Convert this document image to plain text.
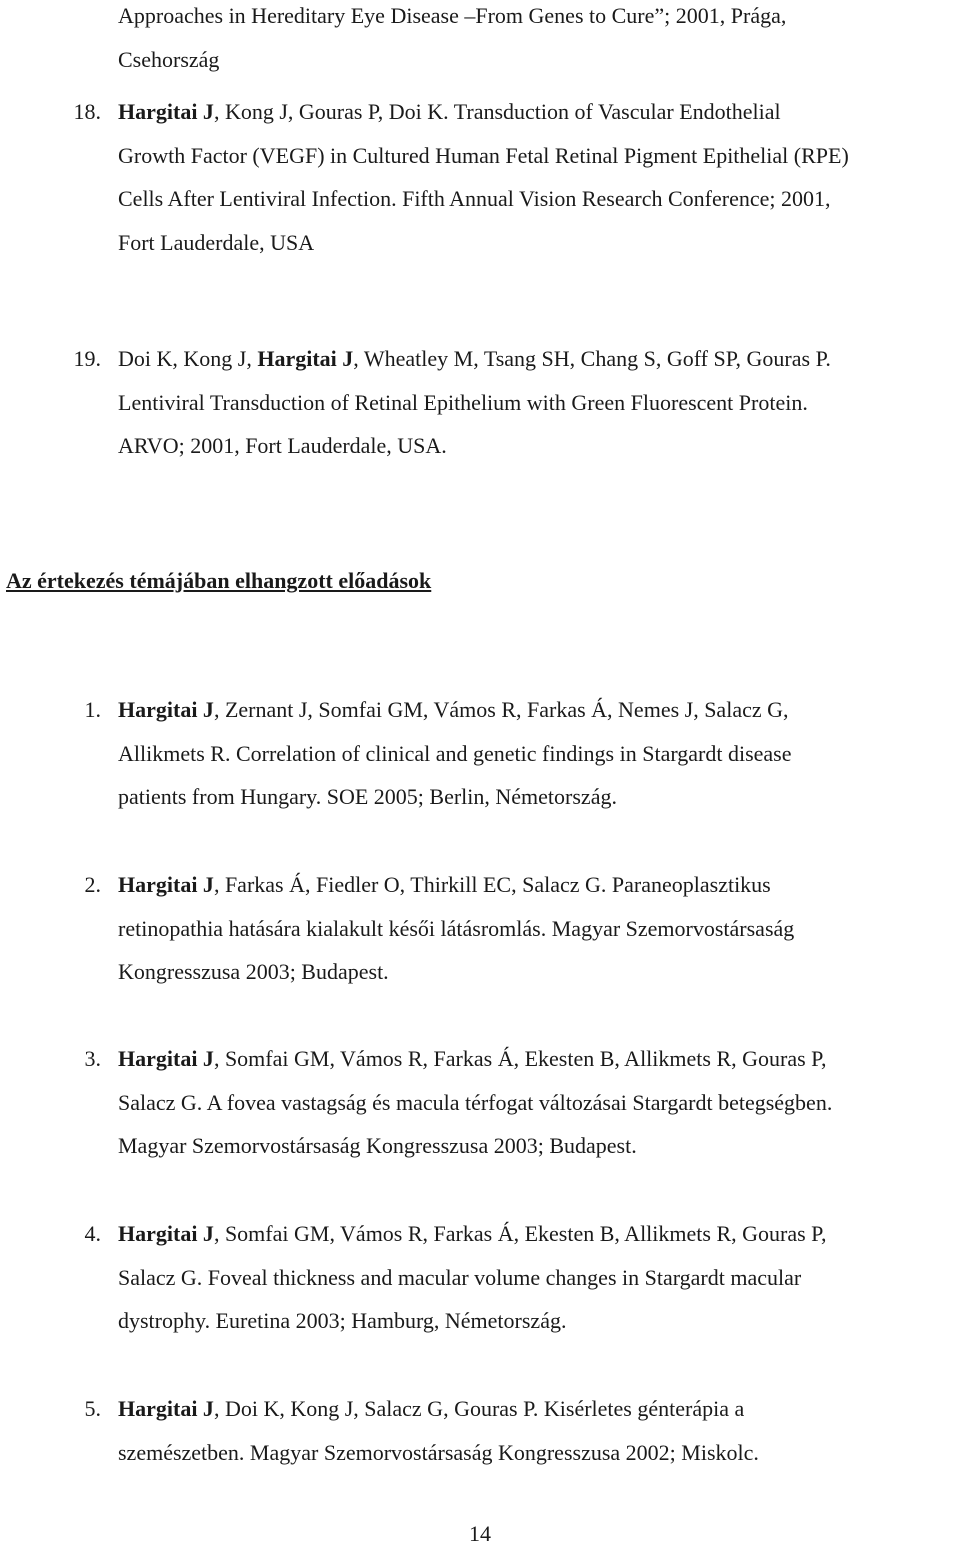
Approaches in Hereditary Eye Disease –From Genes to Cure”; 2001, Prága,
Csehország
18. Hargitai J, Kong J, Gouras P, Doi K. Transduction of Vascular Endothelial
Growth Factor (VEGF) in Cultured Human Fetal Retinal Pigment Epithelial (RPE)
Cells After Lentiviral Infection. Fifth Annual Vision Research Conference; 2001,
Fort Lauderdale, USA
19. Doi K, Kong J, Hargitai J, Wheatley M, Tsang SH, Chang S, Goff SP, Gouras P.
Lentiviral Transduction of Retinal Epithelium with Green Fluorescent Protein.
ARVO; 2001, Fort Lauderdale, USA.
Az értekezés témájában elhangzott előadások
1. Hargitai J, Zernant J, Somfai GM, Vámos R, Farkas Á, Nemes J, Salacz G,
Allikmets R. Correlation of clinical and genetic findings in Stargardt disease
patients from Hungary. SOE 2005; Berlin, Németország.
2. Hargitai J, Farkas Á, Fiedler O, Thirkill EC, Salacz G. Paraneoplasztikus
retinopathia hatására kialakult késői látásromlás. Magyar Szemorvostársaság
Kongresszusa 2003; Budapest.
3. Hargitai J, Somfai GM, Vámos R, Farkas Á, Ekesten B, Allikmets R, Gouras P,
Salacz G. A fovea vastagság és macula térfogat változásai Stargardt betegségben.
Magyar Szemorvostársaság Kongresszusa 2003; Budapest.
4. Hargitai J, Somfai GM, Vámos R, Farkas Á, Ekesten B, Allikmets R, Gouras P,
Salacz G. Foveal thickness and macular volume changes in Stargardt macular
dystrophy. Euretina 2003; Hamburg, Németország.
5. Hargitai J, Doi K, Kong J, Salacz G, Gouras P. Kisérletes génterápia a
szemészetben. Magyar Szemorvostársaság Kongresszusa 2002; Miskolc.
14
